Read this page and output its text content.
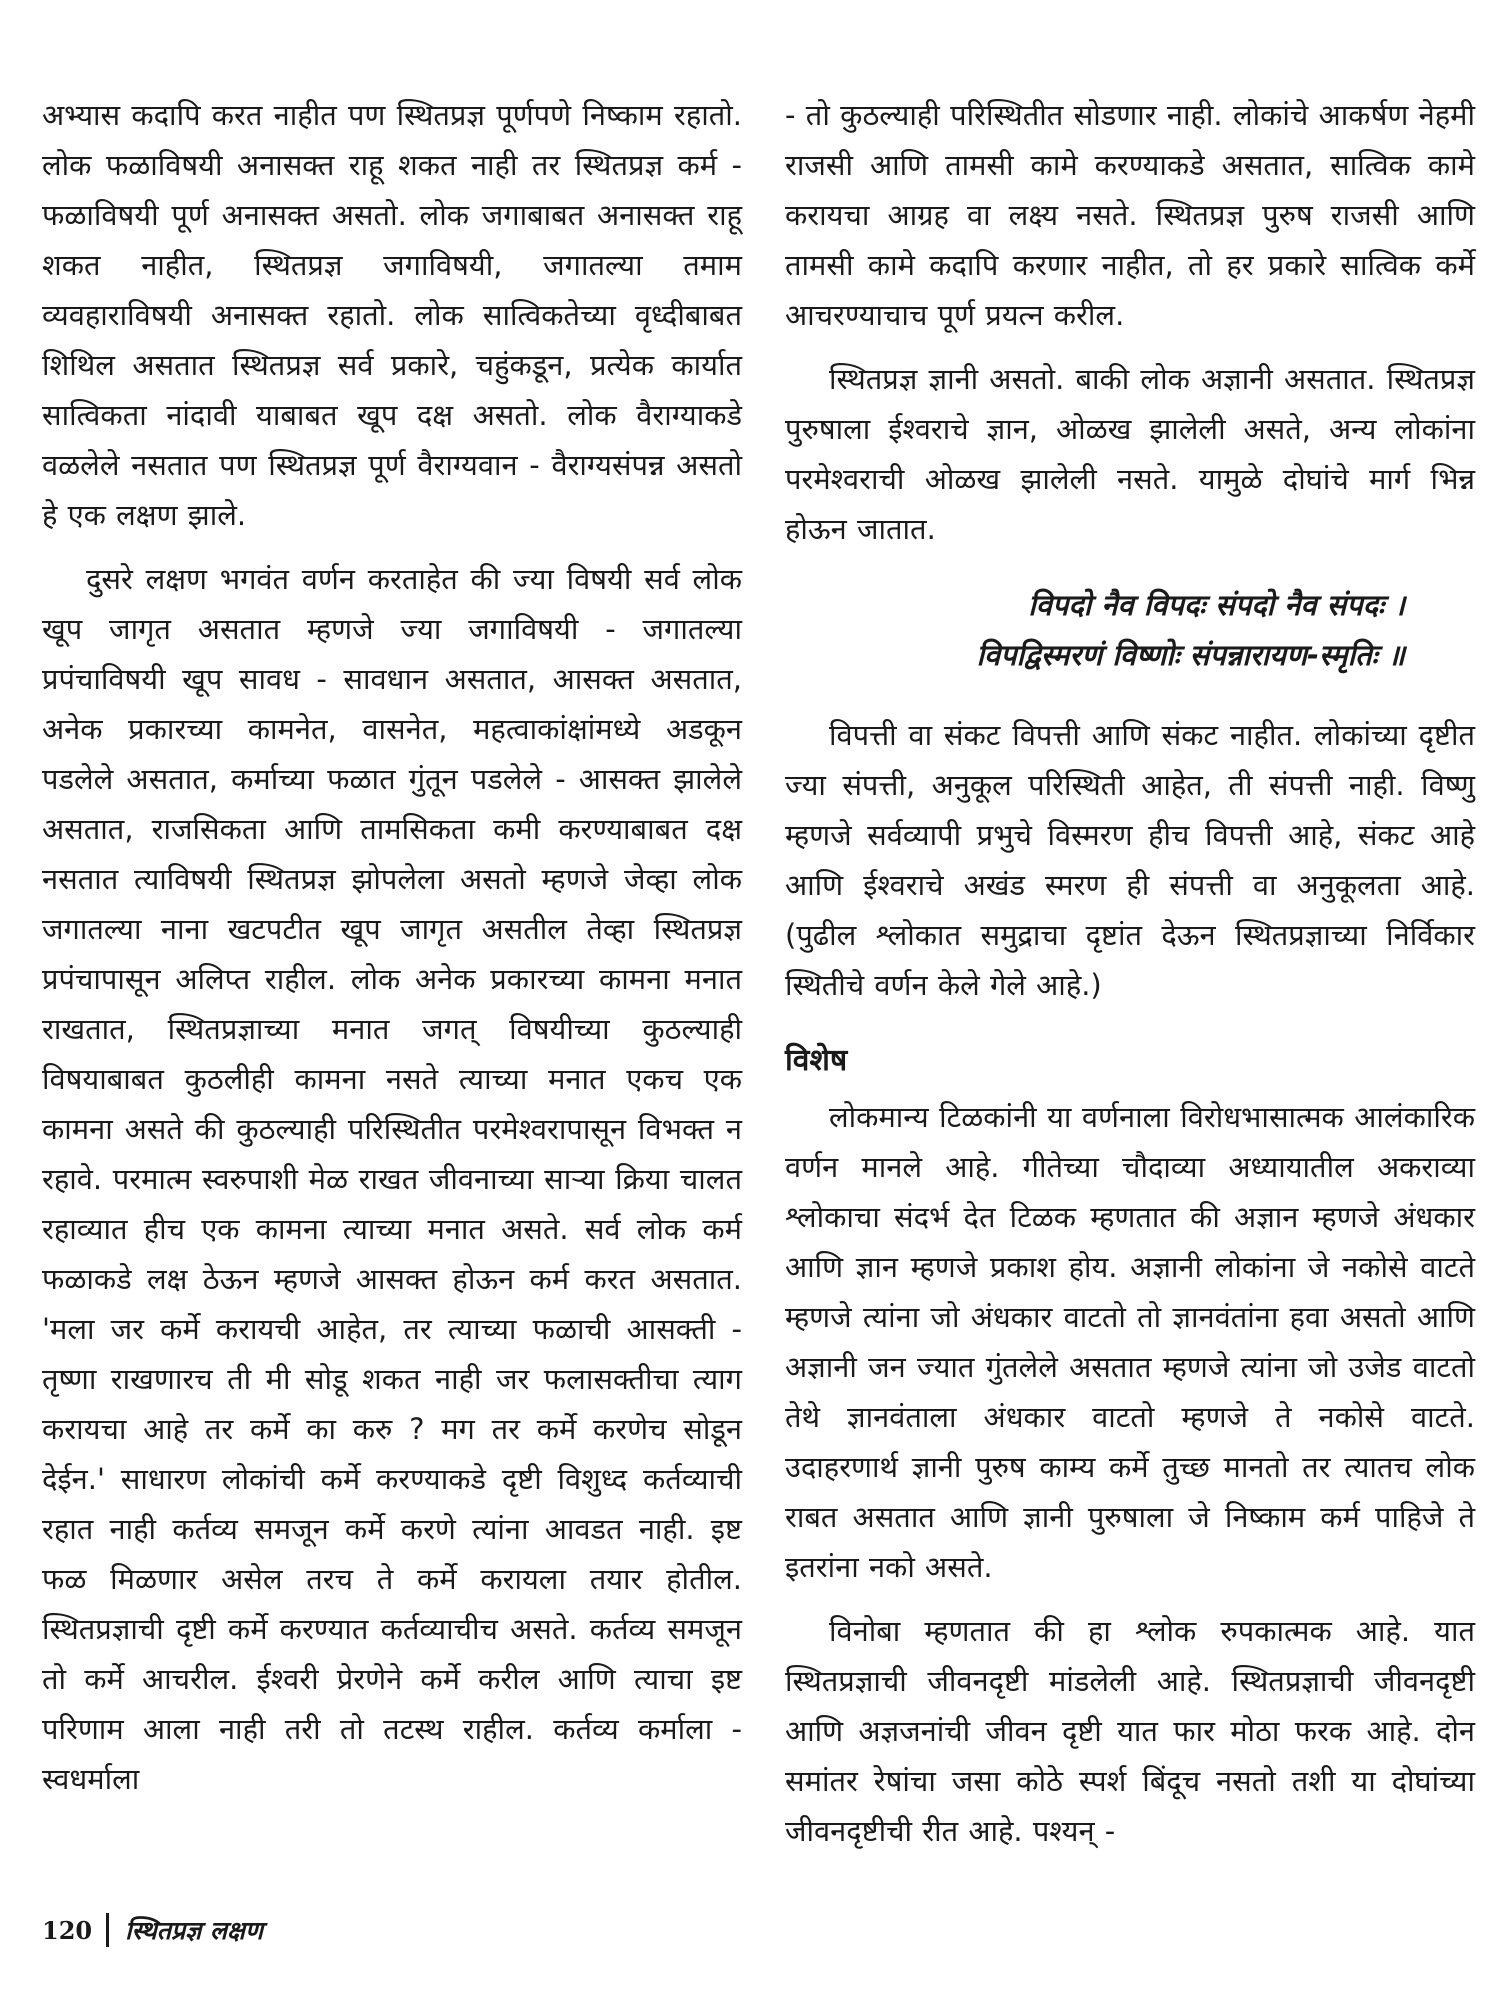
अभ्यास कदापि करत नाहीत पण स्थितप्रज्ञ पूर्णपणे निष्काम रहातो. लोक फळाविषयी अनासक्त राहू शकत नाही तर स्थितप्रज्ञ कर्म - फळाविषयी पूर्ण अनासक्त असतो. लोक जगाबाबत अनासक्त राहू शकत नाहीत, स्थितप्रज्ञ जगाविषयी, जगातल्या तमाम व्यवहाराविषयी अनासक्त रहातो. लोक सात्विकतेच्या वृध्दीबाबत शिथिल असतात स्थितप्रज्ञ सर्व प्रकारे, चहुंकडून, प्रत्येक कार्यात सात्विकता नांदावी याबाबत खूप दक्ष असतो. लोक वैराग्याकडे वळलेले नसतात पण स्थितप्रज्ञ पूर्ण वैराग्यवान - वैराग्यसंपन्न असतो हे एक लक्षण झाले.

दुसरे लक्षण भगवंत वर्णन करताहेत की ज्या विषयी सर्व लोक खूप जागृत असतात म्हणजे ज्या जगाविषयी - जगातल्या प्रपंचाविषयी खूप सावध - सावधान असतात, आसक्त असतात, अनेक प्रकारच्या कामनेत, वासनेत, महत्वाकांक्षांमध्ये अडकून पडलेले असतात, कर्माच्या फळात गुंतून पडलेले - आसक्त झालेले असतात, राजसिकता आणि तामसिकता कमी करण्याबाबत दक्ष नसतात त्याविषयी स्थितप्रज्ञ झोपलेला असतो म्हणजे जेव्हा लोक जगातल्या नाना खटपटीत खूप जागृत असतील तेव्हा स्थितप्रज्ञ प्रपंचापासून अलिप्त राहील. लोक अनेक प्रकारच्या कामना मनात राखतात, स्थितप्रज्ञाच्या मनात जगत् विषयीच्या कुठल्याही विषयाबाबत कुठलीही कामना नसते त्याच्या मनात एकच एक कामना असते की कुठल्याही परिस्थितीत परमेश्वरापासून विभक्त न रहावे. परमात्म स्वरुपाशी मेळ राखत जीवनाच्या साऱ्या क्रिया चालत रहाव्यात हीच एक कामना त्याच्या मनात असते. सर्व लोक कर्म फळाकडे लक्ष ठेऊन म्हणजे आसक्त होऊन कर्म करत असतात. 'मला जर कर्मे करायची आहेत, तर त्याच्या फळाची आसक्ती - तृष्णा राखणारच ती मी सोडू शकत नाही जर फलासक्तीचा त्याग करायचा आहे तर कर्मे का करु ? मग तर कर्मे करणेच सोडून देईन.' साधारण लोकांची कर्मे करण्याकडे दृष्टी विशुध्द कर्तव्याची रहात नाही कर्तव्य समजून कर्मे करणे त्यांना आवडत नाही. इष्ट फळ मिळणार असेल तरच ते कर्मे करायला तयार होतील. स्थितप्रज्ञाची दृष्टी कर्मे करण्यात कर्तव्याचीच असते. कर्तव्य समजून तो कर्मे आचरील. ईश्वरी प्रेरणेने कर्मे करील आणि त्याचा इष्ट परिणाम आला नाही तरी तो तटस्थ राहील. कर्तव्य कर्माला - स्वधर्माला

- तो कुठल्याही परिस्थितीत सोडणार नाही. लोकांचे आकर्षण नेहमी राजसी आणि तामसी कामे करण्याकडे असतात, सात्विक कामे करायचा आग्रह वा लक्ष्य नसते. स्थितप्रज्ञ पुरुष राजसी आणि तामसी कामे कदापि करणार नाहीत, तो हर प्रकारे सात्विक कर्मे आचरण्याचाच पूर्ण प्रयत्न करील.

स्थितप्रज्ञ ज्ञानी असतो. बाकी लोक अज्ञानी असतात. स्थितप्रज्ञ पुरुषाला ईश्वराचे ज्ञान, ओळख झालेली असते, अन्य लोकांना परमेश्वराची ओळख झालेली नसते. यामुळे दोघांचे मार्ग भिन्न होऊन जातात.

विपदो नैव विपदः संपदो नैव संपदः ।
विपद्विस्मरणं विष्णोः संपन्नारायण-स्मृतिः ॥

विपत्ती वा संकट विपत्ती आणि संकट नाहीत. लोकांच्या दृष्टीत ज्या संपत्ती, अनुकूल परिस्थिती आहेत, ती संपत्ती नाही. विष्णु म्हणजे सर्वव्यापी प्रभुचे विस्मरण हीच विपत्ती आहे, संकट आहे आणि ईश्वराचे अखंड स्मरण ही संपत्ती वा अनुकूलता आहे. (पुढील श्लोकात समुद्राचा दृष्टांत देऊन स्थितप्रज्ञाच्या निर्विकार स्थितीचे वर्णन केले गेले आहे.)

विशेष

लोकमान्य टिळकांनी या वर्णनाला विरोधभासात्मक आलंकारिक वर्णन मानले आहे. गीतेच्या चौदाव्या अध्यायातील अकराव्या श्लोकाचा संदर्भ देत टिळक म्हणतात की अज्ञान म्हणजे अंधकार आणि ज्ञान म्हणजे प्रकाश होय. अज्ञानी लोकांना जे नकोसे वाटते म्हणजे त्यांना जो अंधकार वाटतो तो ज्ञानवंतांना हवा असतो आणि अज्ञानी जन ज्यात गुंतलेले असतात म्हणजे त्यांना जो उजेड वाटतो तेथे ज्ञानवंताला अंधकार वाटतो म्हणजे ते नकोसे वाटते. उदाहरणार्थ ज्ञानी पुरुष काम्य कर्मे तुच्छ मानतो तर त्यातच लोक राबत असतात आणि ज्ञानी पुरुषाला जे निष्काम कर्म पाहिजे ते इतरांना नको असते.

विनोबा म्हणतात की हा श्लोक रुपकात्मक आहे. यात स्थितप्रज्ञाची जीवनदृष्टी मांडलेली आहे. स्थितप्रज्ञाची जीवनदृष्टी आणि अज्ञजनांची जीवन दृष्टी यात फार मोठा फरक आहे. दोन समांतर रेषांचा जसा कोठे स्पर्श बिंदूच नसतो तशी या दोघांच्या जीवनदृष्टीची रीत आहे. पश्यन् -

120 स्थितप्रज्ञ लक्षण
